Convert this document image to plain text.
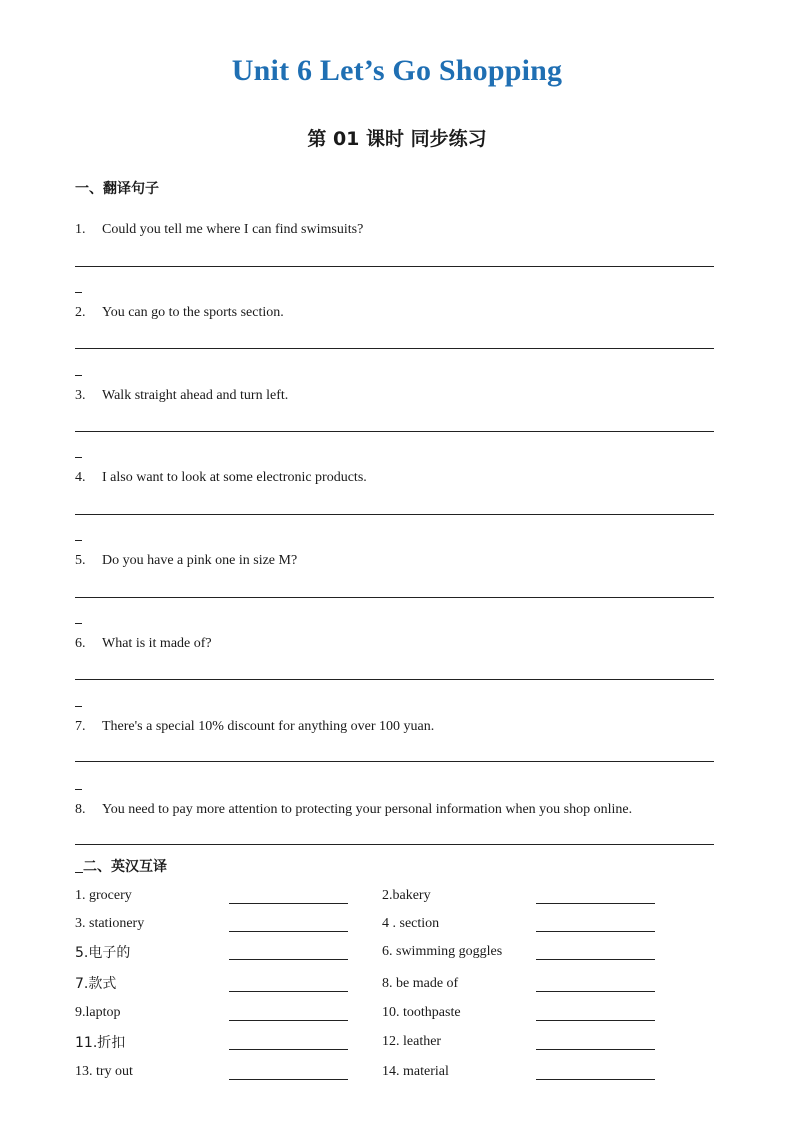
Unit 6 Let’s Go Shopping
第 01 课时 同步练习
一、翻译句子
1. Could you tell me where I can find swimsuits?
2. You can go to the sports section.
3. Walk straight ahead and turn left.
4. I also want to look at some electronic products.
5. Do you have a pink one in size M?
6. What is it made of?
7. There's a special 10% discount for anything over 100 yuan.
8. You need to pay more attention to protecting your personal information when you shop online.
二、英汉互译
1. grocery	2.bakery
3. stationery	4 . section
5.电子的	6. swimming goggles
7.款式	8. be made of
9.laptop	10. toothpaste
11.折扣	12. leather
13. try out	14. material
